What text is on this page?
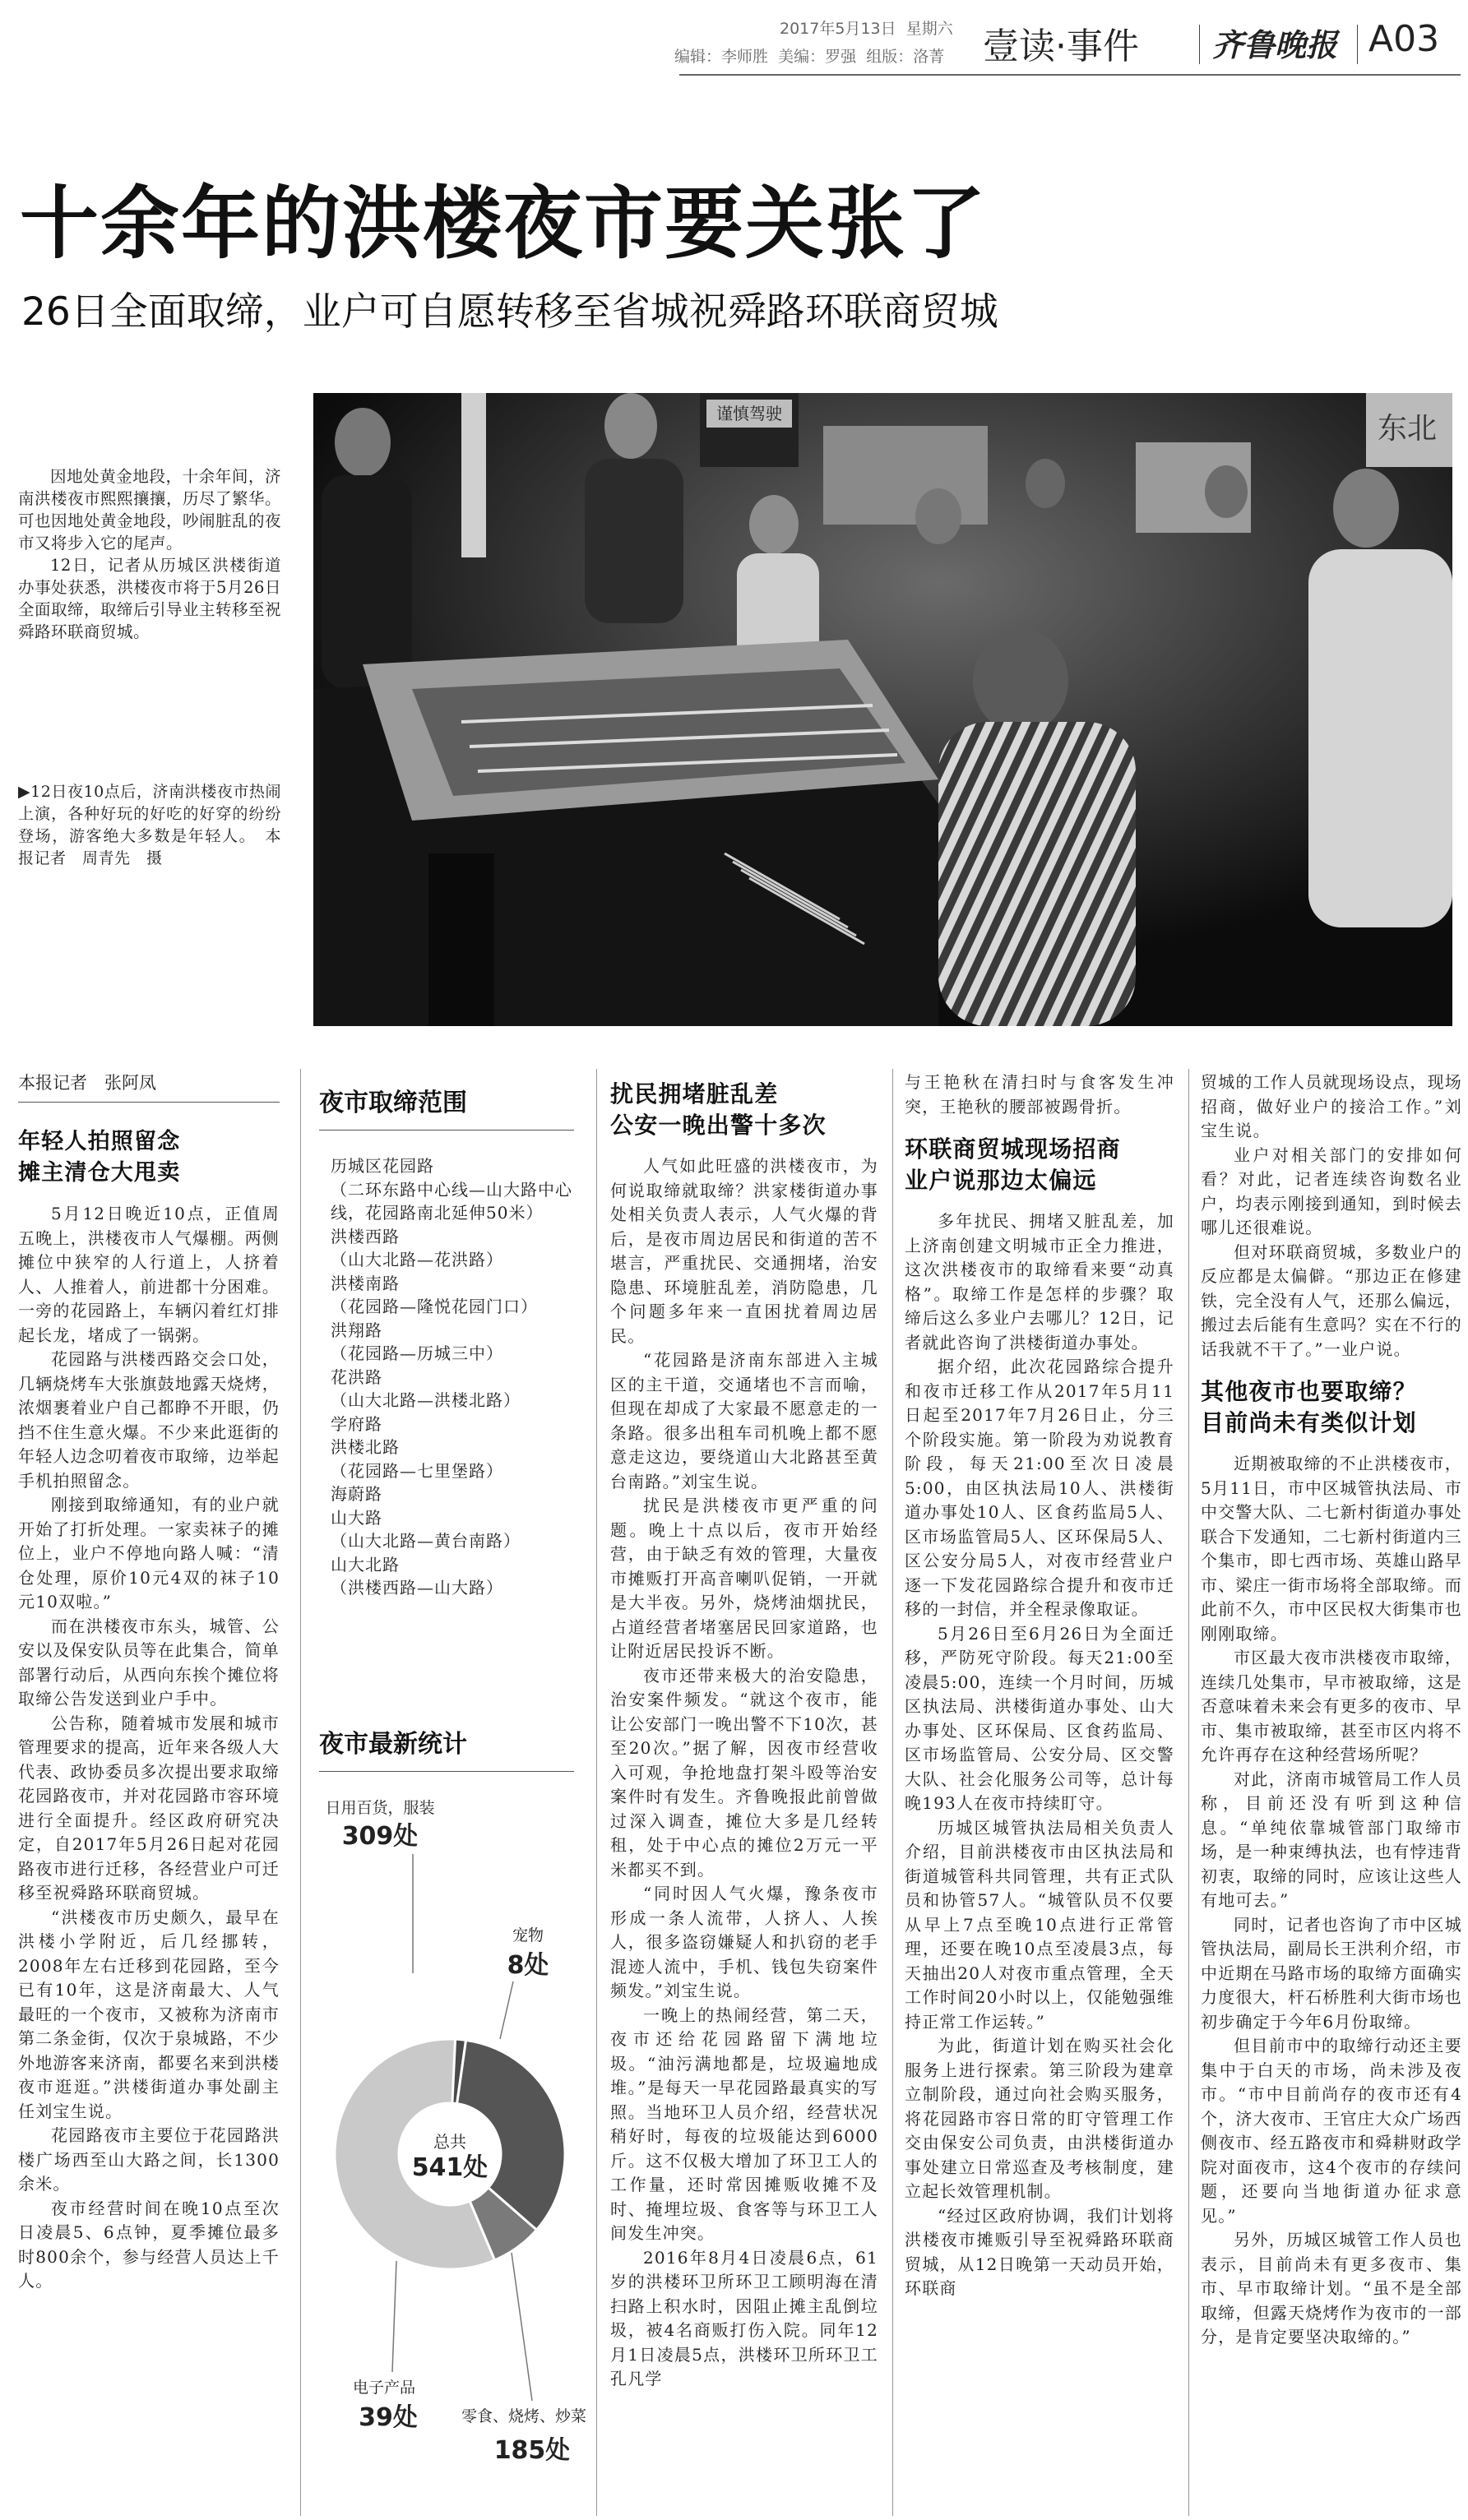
2017年5月13日 星期六
编辑：李师胜 美编：罗强 组版：洛菁 壹读·事件 齐鲁晚报 A03
十余年的洪楼夜市要关张了
26日全面取缔，业户可自愿转移至省城祝舜路环联商贸城

因地处黄金地段，十余年间，济南洪楼夜市熙熙攘攘，历尽了繁华。可也因地处黄金地段，吵闹脏乱的夜市又将步入它的尾声。

12日，记者从历城区洪楼街道办事处获悉，洪楼夜市将于5月26日全面取缔，取缔后引导业主转移至祝舜路环联商贸城。

▶12日夜10点后，济南洪楼夜市热闹上演，各种好玩的好吃的好穿的纷纷登场，游客绝大多数是年轻人。　本报记者　周青先　摄

谨慎驾驶	东北
本报记者　张阿凤
年轻人拍照留念
摊主清仓大甩卖

5月12日晚近10点，正值周五晚上，洪楼夜市人气爆棚。两侧摊位中狭窄的人行道上，人挤着人、人推着人，前进都十分困难。一旁的花园路上，车辆闪着红灯排起长龙，堵成了一锅粥。

花园路与洪楼西路交会口处，几辆烧烤车大张旗鼓地露天烧烤，浓烟裹着业户自己都睁不开眼，仍挡不住生意火爆。不少来此逛街的年轻人边念叨着夜市取缔，边举起手机拍照留念。

刚接到取缔通知，有的业户就开始了打折处理。一家卖袜子的摊位上，业户不停地向路人喊：“清仓处理，原价10元4双的袜子10元10双啦。”

而在洪楼夜市东头，城管、公安以及保安队员等在此集合，简单部署行动后，从西向东挨个摊位将取缔公告发送到业户手中。

公告称，随着城市发展和城市管理要求的提高，近年来各级人大代表、政协委员多次提出要求取缔花园路夜市，并对花园路市容环境进行全面提升。经区政府研究决定，自2017年5月26日起对花园路夜市进行迁移，各经营业户可迁移至祝舜路环联商贸城。

“洪楼夜市历史颇久，最早在洪楼小学附近，后几经挪转，2008年左右迁移到花园路，至今已有10年，这是济南最大、人气最旺的一个夜市，又被称为济南市第二条金街，仅次于泉城路，不少外地游客来济南，都要名来到洪楼夜市逛逛。”洪楼街道办事处副主任刘宝生说。

花园路夜市主要位于花园路洪楼广场西至山大路之间，长1300余米。

夜市经营时间在晚10点至次日凌晨5、6点钟，夏季摊位最多时800余个，参与经营人员达上千人。

夜市取缔范围
历城区花园路
（二环东路中心线—山大路中心线，花园路南北延伸50米）
洪楼西路
（山大北路—花洪路）
洪楼南路
（花园路—隆悦花园门口）
洪翔路
（花园路—历城三中）
花洪路
（山大北路—洪楼北路）
学府路
洪楼北路
（花园路—七里堡路）
海蔚路
山大路
（山大北路—黄台南路）
山大北路
（洪楼西路—山大路）
夜市最新统计
总共
541处
日用百货，服装
309处
宠物
8处
电子产品
39处	零食、烧烤、炒菜
185处
扰民拥堵脏乱差
公安一晚出警十多次

人气如此旺盛的洪楼夜市，为何说取缔就取缔？洪家楼街道办事处相关负责人表示，人气火爆的背后，是夜市周边居民和街道的苦不堪言，严重扰民、交通拥堵，治安隐患、环境脏乱差，消防隐患，几个问题多年来一直困扰着周边居民。

“花园路是济南东部进入主城区的主干道，交通堵也不言而喻，但现在却成了大家最不愿意走的一条路。很多出租车司机晚上都不愿意走这边，要绕道山大北路甚至黄台南路。”刘宝生说。

扰民是洪楼夜市更严重的问题。晚上十点以后，夜市开始经营，由于缺乏有效的管理，大量夜市摊贩打开高音喇叭促销，一开就是大半夜。另外，烧烤油烟扰民，占道经营者堵塞居民回家道路，也让附近居民投诉不断。

夜市还带来极大的治安隐患，治安案件频发。“就这个夜市，能让公安部门一晚出警不下10次，甚至20次。”据了解，因夜市经营收入可观，争抢地盘打架斗殴等治安案件时有发生。齐鲁晚报此前曾做过深入调查，摊位大多是几经转租，处于中心点的摊位2万元一平米都买不到。

“同时因人气火爆，豫条夜市形成一条人流带，人挤人、人挨人，很多盗窃嫌疑人和扒窃的老手混迹人流中，手机、钱包失窃案件频发。”刘宝生说。

一晚上的热闹经营，第二天，夜市还给花园路留下满地垃圾。“油污满地都是，垃圾遍地成堆。”是每天一早花园路最真实的写照。当地环卫人员介绍，经营状况稍好时，每夜的垃圾能达到6000斤。这不仅极大增加了环卫工人的工作量，还时常因摊贩收摊不及时、掩埋垃圾、食客等与环卫工人间发生冲突。

2016年8月4日凌晨6点，61岁的洪楼环卫所环卫工顾明海在清扫路上积水时，因阻止摊主乱倒垃圾，被4名商贩打伤入院。同年12月1日凌晨5点，洪楼环卫所环卫工孔凡学

与王艳秋在清扫时与食客发生冲突，王艳秋的腰部被踢骨折。

环联商贸城现场招商
业户说那边太偏远

多年扰民、拥堵又脏乱差，加上济南创建文明城市正全力推进，这次洪楼夜市的取缔看来要“动真格”。取缔工作是怎样的步骤？取缔后这么多业户去哪儿？12日，记者就此咨询了洪楼街道办事处。

据介绍，此次花园路综合提升和夜市迁移工作从2017年5月11日起至2017年7月26日止，分三个阶段实施。第一阶段为劝说教育阶段，每天21:00至次日凌晨5:00，由区执法局10人、洪楼街道办事处10人、区食药监局5人、区市场监管局5人、区环保局5人、区公安分局5人，对夜市经营业户逐一下发花园路综合提升和夜市迁移的一封信，并全程录像取证。

5月26日至6月26日为全面迁移，严防死守阶段。每天21:00至凌晨5:00，连续一个月时间，历城区执法局、洪楼街道办事处、山大办事处、区环保局、区食药监局、区市场监管局、公安分局、区交警大队、社会化服务公司等，总计每晚193人在夜市持续盯守。

历城区城管执法局相关负责人介绍，目前洪楼夜市由区执法局和街道城管科共同管理，共有正式队员和协管57人。“城管队员不仅要从早上7点至晚10点进行正常管理，还要在晚10点至凌晨3点，每天抽出20人对夜市重点管理，全天工作时间20小时以上，仅能勉强维持正常工作运转。”

为此，街道计划在购买社会化服务上进行探索。第三阶段为建章立制阶段，通过向社会购买服务，将花园路市容日常的盯守管理工作交由保安公司负责，由洪楼街道办事处建立日常巡查及考核制度，建立起长效管理机制。

“经过区政府协调，我们计划将洪楼夜市摊贩引导至祝舜路环联商贸城，从12日晚第一天动员开始，环联商

贸城的工作人员就现场设点，现场招商，做好业户的接洽工作。”刘宝生说。

业户对相关部门的安排如何看？对此，记者连续咨询数名业户，均表示刚接到通知，到时候去哪儿还很难说。

但对环联商贸城，多数业户的反应都是太偏僻。“那边正在修建铁，完全没有人气，还那么偏远，搬过去后能有生意吗？实在不行的话我就不干了。”一业户说。

其他夜市也要取缔？
目前尚未有类似计划

近期被取缔的不止洪楼夜市，5月11日，市中区城管执法局、市中交警大队、二七新村街道办事处联合下发通知，二七新村街道内三个集市，即七西市场、英雄山路早市、梁庄一街市场将全部取缔。而此前不久，市中区民权大街集市也刚刚取缔。

市区最大夜市洪楼夜市取缔，连续几处集市，早市被取缔，这是否意味着未来会有更多的夜市、早市、集市被取缔，甚至市区内将不允许再存在这种经营场所呢？

对此，济南市城管局工作人员称，目前还没有听到这种信息。“单纯依靠城管部门取缔市场，是一种束缚执法，也有悖违背初衷，取缔的同时，应该让这些人有地可去。”

同时，记者也咨询了市中区城管执法局，副局长王洪利介绍，市中近期在马路市场的取缔方面确实力度很大，杆石桥胜利大街市场也初步确定于今年6月份取缔。

但目前市中的取缔行动还主要集中于白天的市场，尚未涉及夜市。“市中目前尚存的夜市还有4个，济大夜市、王官庄大众广场西侧夜市、经五路夜市和舜耕财政学院对面夜市，这4个夜市的存续问题，还要向当地街道办征求意见。”

另外，历城区城管工作人员也表示，目前尚未有更多夜市、集市、早市取缔计划。“虽不是全部取缔，但露天烧烤作为夜市的一部分，是肯定要坚决取缔的。”
